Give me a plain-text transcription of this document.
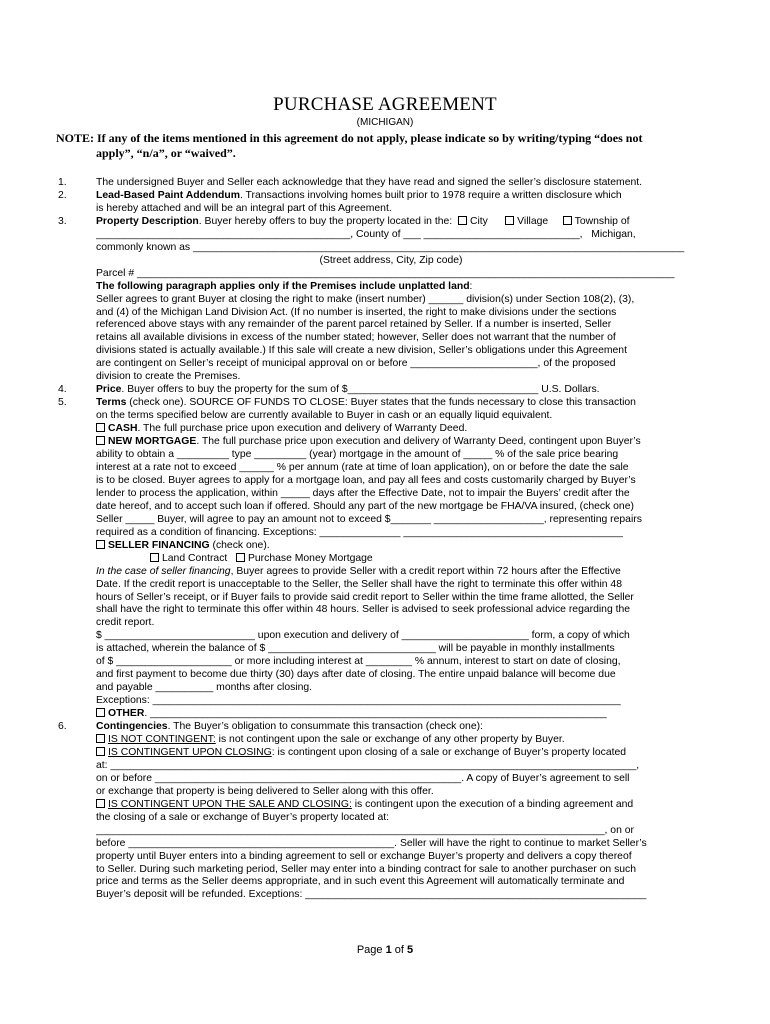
PURCHASE AGREEMENT
(MICHIGAN)
NOTE: If any of the items mentioned in this agreement do not apply, please indicate so by writing/typing “does not
apply”, “n/a”, or “waived”.
1.	The undersigned Buyer and Seller each acknowledge that they have read and signed the seller’s disclosure statement.
2.	Lead-Based Paint Addendum. Transactions involving homes built prior to 1978 require a written disclosure which
is hereby attached and will be an integral part of this Agreement.
3.	Property Description. Buyer hereby offers to buy the property located in the: City	Village	Township of
____________________________________________, County of ___ ___________________________, Michigan,
commonly known as _____________________________________________________________________________________
(Street address, City, Zip code)
Parcel # _____________________________________________________________________________________________
The following paragraph applies only if the Premises include unplatted land:
Seller agrees to grant Buyer at closing the right to make (insert number) ______ division(s) under Section 108(2), (3),
and (4) of the Michigan Land Division Act. (If no number is inserted, the right to make divisions under the sections
referenced above stays with any remainder of the parent parcel retained by Seller. If a number is inserted, Seller
retains all available divisions in excess of the number stated; however, Seller does not warrant that the number of
divisions stated is actually available.) If this sale will create a new division, Seller’s obligations under this Agreement
are contingent on Seller’s receipt of municipal approval on or before ______________________, of the proposed
division to create the Premises.
4.	Price. Buyer offers to buy the property for the sum of $_________________________________ U.S. Dollars.
5.	Terms (check one). SOURCE OF FUNDS TO CLOSE: Buyer states that the funds necessary to close this transaction
on the terms specified below are currently available to Buyer in cash or an equally liquid equivalent.
CASH. The full purchase price upon execution and delivery of Warranty Deed.
NEW MORTGAGE. The full purchase price upon execution and delivery of Warranty Deed, contingent upon Buyer’s
ability to obtain a _________ type _________ (year) mortgage in the amount of _____ % of the sale price bearing
interest at a rate not to exceed ______ % per annum (rate at time of loan application), on or before the date the sale
is to be closed. Buyer agrees to apply for a mortgage loan, and pay all fees and costs customarily charged by Buyer’s
lender to process the application, within _____ days after the Effective Date, not to impair the Buyers’ credit after the
date hereof, and to accept such loan if offered. Should any part of the new mortgage be FHA/VA insured, (check one)
Seller _____ Buyer, will agree to pay an amount not to exceed $_______ ___________________, representing repairs
required as a condition of financing. Exceptions: ______________ ______________________________________
SELLER FINANCING (check one).
Land Contract Purchase Money Mortgage
In the case of seller financing, Buyer agrees to provide Seller with a credit report within 72 hours after the Effective
Date. If the credit report is unacceptable to the Seller, the Seller shall have the right to terminate this offer within 48
hours of Seller’s receipt, or if Buyer fails to provide said credit report to Seller within the time frame allotted, the Seller
shall have the right to terminate this offer within 48 hours. Seller is advised to seek professional advice regarding the
credit report.
$ __________________________ upon execution and delivery of ______________________ form, a copy of which
is attached, wherein the balance of $ _____________________________ will be payable in monthly installments
of $ ____________________ or more including interest at ________ % annum, interest to start on date of closing,
and first payment to become due thirty (30) days after date of closing. The entire unpaid balance will become due
and payable __________ months after closing.
Exceptions: _________________________________________________________________________________
OTHER. _______________________________________________________________________________
6.	Contingencies. The Buyer’s obligation to consummate this transaction (check one):
IS NOT CONTINGENT: is not contingent upon the sale or exchange of any other property by Buyer.
IS CONTINGENT UPON CLOSING: is contingent upon closing of a sale or exchange of Buyer’s property located
at: ___________________________________________________________________________________________,
on or before _____________________________________________________. A copy of Buyer’s agreement to sell
or exchange that property is being delivered to Seller along with this offer.
IS CONTINGENT UPON THE SALE AND CLOSING: is contingent upon the execution of a binding agreement and
the closing of a sale or exchange of Buyer’s property located at:
________________________________________________________________________________________, on or
before ______________________________________________. Seller will have the right to continue to market Seller’s
property until Buyer enters into a binding agreement to sell or exchange Buyer’s property and delivers a copy thereof
to Seller. During such marketing period, Seller may enter into a binding contract for sale to another purchaser on such
price and terms as the Seller deems appropriate, and in such event this Agreement will automatically terminate and
Buyer’s deposit will be refunded. Exceptions: ___________________________________________________________
Page 1 of 5
